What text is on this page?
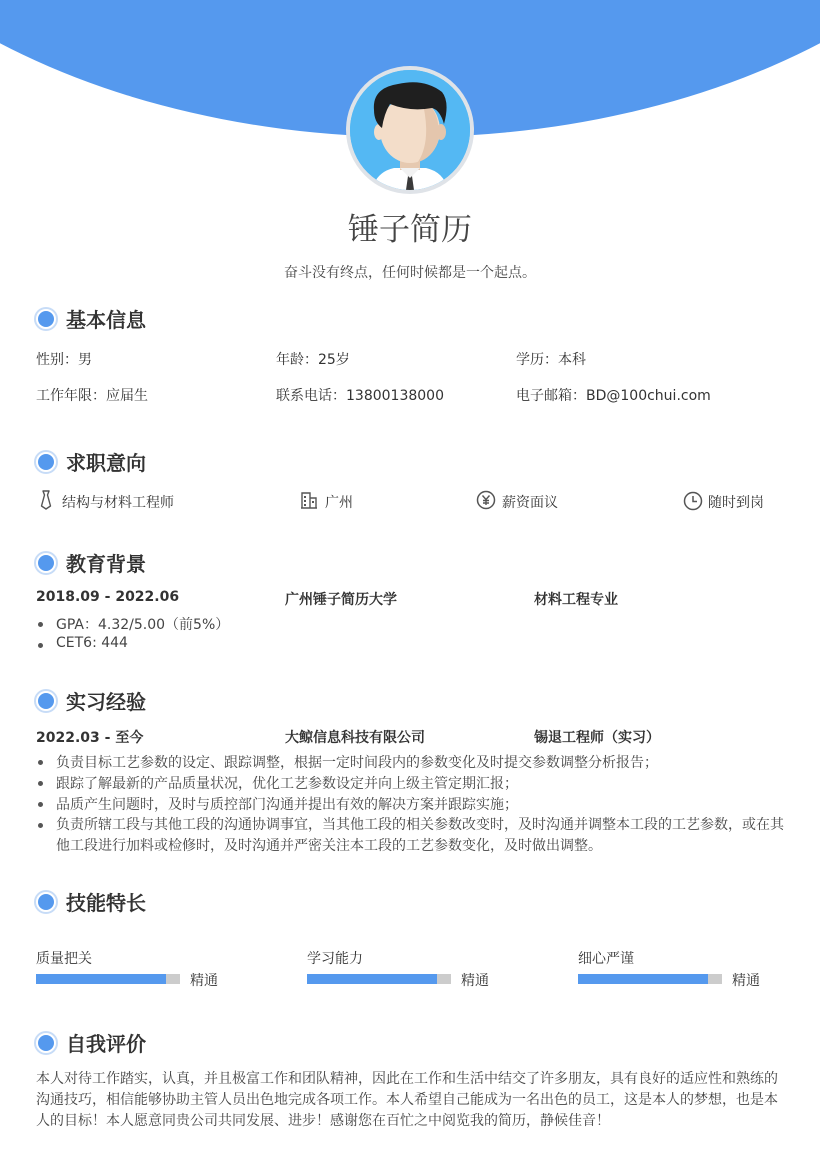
锤子简历
奋斗没有终点，任何时候都是一个起点。
基本信息
性别：男	年龄：25岁	学历：本科
工作年限：应届生	联系电话：13800138000	电子邮箱：BD@100chui.com
求职意向
结构与材料工程师	广州	薪资面议	随时到岗
教育背景
2018.09 - 2022.06	广州锤子简历大学	材料工程专业
GPA：4.32/5.00（前5%）
CET6: 444
实习经验
2022.03 - 至今	大鲸信息科技有限公司	锡退工程师（实习）
负责目标工艺参数的设定、跟踪调整，根据一定时间段内的参数变化及时提交参数调整分析报告；
跟踪了解最新的产品质量状况，优化工艺参数设定并向上级主管定期汇报；
品质产生问题时，及时与质控部门沟通并提出有效的解决方案并跟踪实施；
负责所辖工段与其他工段的沟通协调事宜，当其他工段的相关参数改变时，及时沟通并调整本工段的工艺参数，或在其他工段进行加料或检修时，及时沟通并严密关注本工段的工艺参数变化，及时做出调整。
技能特长
质量把关
精通
学习能力
精通
细心严谨
精通
自我评价
本人对待工作踏实，认真，并且极富工作和团队精神，因此在工作和生活中结交了许多朋友，具有良好的适应性和熟练的沟通技巧，相信能够协助主管人员出色地完成各项工作。本人希望自己能成为一名出色的员工，这是本人的梦想，也是本人的目标！本人愿意同贵公司共同发展、进步！感谢您在百忙之中阅览我的简历，静候佳音！
